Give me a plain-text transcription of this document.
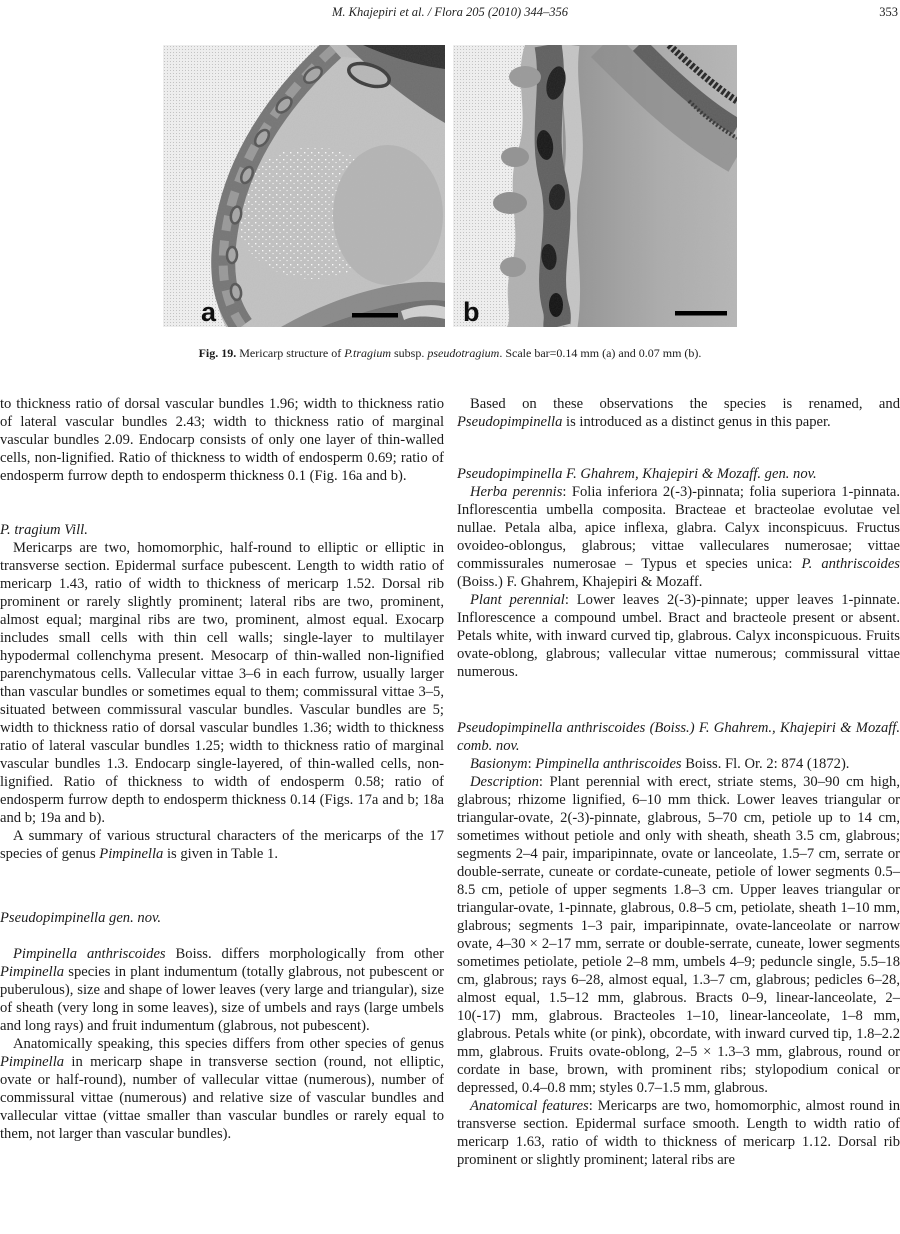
M. Khajepiri et al. / Flora 205 (2010) 344–356	353
a	b
Fig. 19. Mericarp structure of P.tragium subsp. pseudotragium. Scale bar=0.14 mm (a) and 0.07 mm (b).
to thickness ratio of dorsal vascular bundles 1.96; width to thickness ratio of lateral vascular bundles 2.43; width to thickness ratio of marginal vascular bundles 2.09. Endocarp consists of only one layer of thin-walled cells, non-lignified. Ratio of thickness to width of endosperm 0.69; ratio of endosperm furrow depth to endosperm thickness 0.1 (Fig. 16a and b).
P. tragium Vill.
Mericarps are two, homomorphic, half-round to elliptic or elliptic in transverse section. Epidermal surface pubescent. Length to width ratio of mericarp 1.43, ratio of width to thickness of mericarp 1.52. Dorsal rib prominent or rarely slightly prominent; lateral ribs are two, prominent, almost equal; marginal ribs are two, prominent, almost equal. Exocarp includes small cells with thin cell walls; single-layer to multilayer hypodermal collenchyma present. Mesocarp of thin-walled non-lignified parenchymatous cells. Vallecular vittae 3–6 in each furrow, usually larger than vascular bundles or sometimes equal to them; commissural vittae 3–5, situated between commissural vascular bundles. Vascular bundles are 5; width to thickness ratio of dorsal vascular bundles 1.36; width to thickness ratio of lateral vascular bundles 1.25; width to thickness ratio of marginal vascular bundles 1.3. Endocarp single-layered, of thin-walled cells, non-lignified. Ratio of thickness to width of endosperm 0.58; ratio of endosperm furrow depth to endosperm thickness 0.14 (Figs. 17a and b; 18a and b; 19a and b).
A summary of various structural characters of the mericarps of the 17 species of genus Pimpinella is given in Table 1.
Pseudopimpinella gen. nov.
Pimpinella anthriscoides Boiss. differs morphologically from other Pimpinella species in plant indumentum (totally glabrous, not pubescent or puberulous), size and shape of lower leaves (very large and triangular), size of sheath (very long in some leaves), size of umbels and rays (large umbels and long rays) and fruit indumentum (glabrous, not pubescent).
Anatomically speaking, this species differs from other species of genus Pimpinella in mericarp shape in transverse section (round, not elliptic, ovate or half-round), number of vallecular vittae (numerous), number of commissural vittae (numerous) and relative size of vascular bundles and vallecular vittae (vittae smaller than vascular bundles or rarely equal to them, not larger than vascular bundles).
Based on these observations the species is renamed, and Pseudopimpinella is introduced as a distinct genus in this paper.
Pseudopimpinella F. Ghahrem, Khajepiri & Mozaff. gen. nov.
Herba perennis: Folia inferiora 2(-3)-pinnata; folia superiora 1-pinnata. Inflorescentia umbella composita. Bracteae et bracteolae evolutae vel nullae. Petala alba, apice inflexa, glabra. Calyx inconspicuus. Fructus ovoideo-oblongus, glabrous; vittae valleculares numerosae; vittae commissurales numerosae – Typus et species unica: P. anthriscoides (Boiss.) F. Ghahrem, Khajepiri & Mozaff.
Plant perennial: Lower leaves 2(-3)-pinnate; upper leaves 1-pinnate. Inflorescence a compound umbel. Bract and bracteole present or absent. Petals white, with inward curved tip, glabrous. Calyx inconspicuous. Fruits ovate-oblong, glabrous; vallecular vittae numerous; commissural vittae numerous.
Pseudopimpinella anthriscoides (Boiss.) F. Ghahrem., Khajepiri & Mozaff. comb. nov.
Basionym: Pimpinella anthriscoides Boiss. Fl. Or. 2: 874 (1872).
Description: Plant perennial with erect, striate stems, 30–90 cm high, glabrous; rhizome lignified, 6–10 mm thick. Lower leaves triangular or triangular-ovate, 2(-3)-pinnate, glabrous, 5–70 cm, petiole up to 14 cm, sometimes without petiole and only with sheath, sheath 3.5 cm, glabrous; segments 2–4 pair, imparipinnate, ovate or lanceolate, 1.5–7 cm, serrate or double-serrate, cuneate or cordate-cuneate, petiole of lower segments 0.5–8.5 cm, petiole of upper segments 1.8–3 cm. Upper leaves triangular or triangular-ovate, 1-pinnate, glabrous, 0.8–5 cm, petiolate, sheath 1–10 mm, glabrous; segments 1–3 pair, imparipinnate, ovate-lanceolate or narrow ovate, 4–30 × 2–17 mm, serrate or double-serrate, cuneate, lower segments sometimes petiolate, petiole 2–8 mm, umbels 4–9; peduncle single, 5.5–18 cm, glabrous; rays 6–28, almost equal, 1.3–7 cm, glabrous; pedicles 6–28, almost equal, 1.5–12 mm, glabrous. Bracts 0–9, linear-lanceolate, 2–10(-17) mm, glabrous. Bracteoles 1–10, linear-lanceolate, 1–8 mm, glabrous. Petals white (or pink), obcordate, with inward curved tip, 1.8–2.2 mm, glabrous. Fruits ovate-oblong, 2–5 × 1.3–3 mm, glabrous, round or cordate in base, brown, with prominent ribs; stylopodium conical or depressed, 0.4–0.8 mm; styles 0.7–1.5 mm, glabrous.
Anatomical features: Mericarps are two, homomorphic, almost round in transverse section. Epidermal surface smooth. Length to width ratio of mericarp 1.63, ratio of width to thickness of mericarp 1.12. Dorsal rib prominent or slightly prominent; lateral ribs are
